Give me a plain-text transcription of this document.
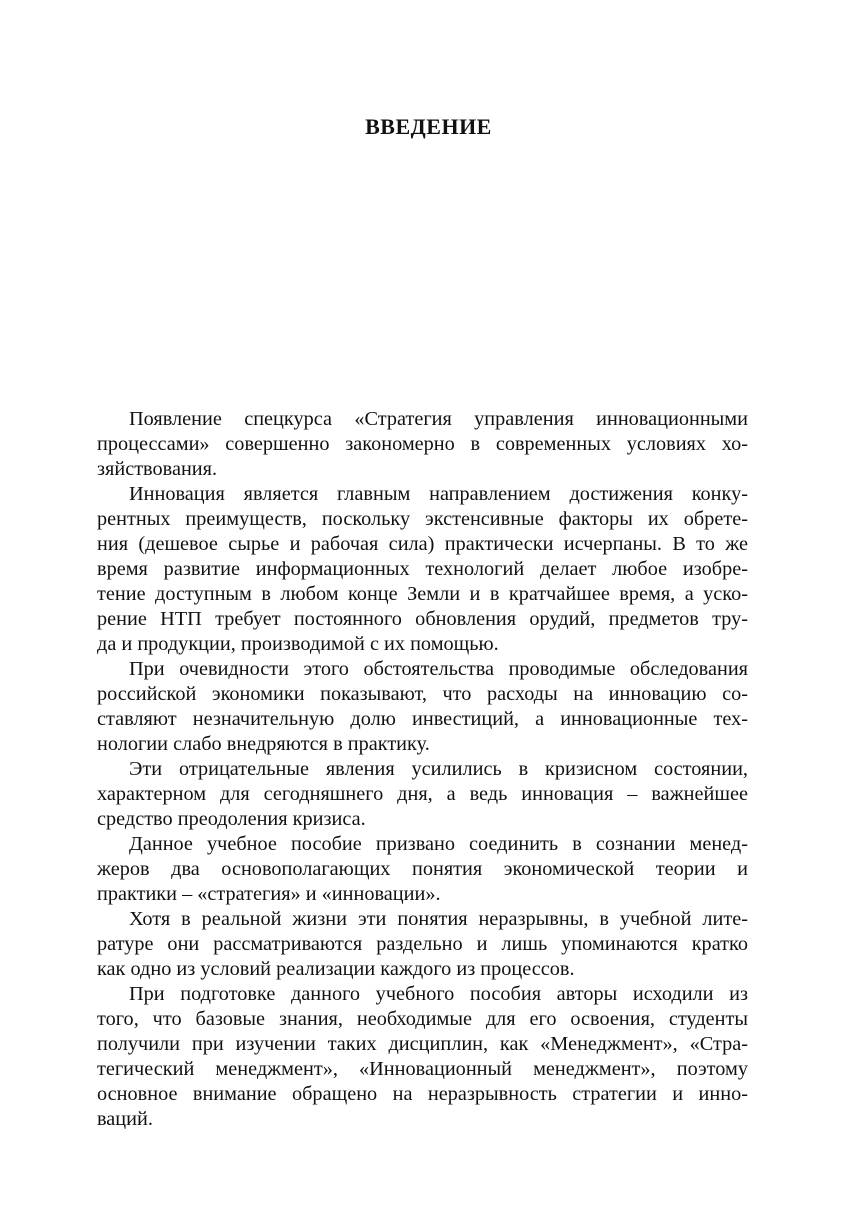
ВВЕДЕНИЕ
Появление спецкурса «Стратегия управления инновационными
процессами» совершенно закономерно в современных условиях хо-
зяйствования.
Инновация является главным направлением достижения конку-
рентных преимуществ, поскольку экстенсивные факторы их обрете-
ния (дешевое сырье и рабочая сила) практически исчерпаны. В то же
время развитие информационных технологий делает любое изобре-
тение доступным в любом конце Земли и в кратчайшее время, а уско-
рение НТП требует постоянного обновления орудий, предметов тру-
да и продукции, производимой с их помощью.
При очевидности этого обстоятельства проводимые обследования
российской экономики показывают, что расходы на инновацию со-
ставляют незначительную долю инвестиций, а инновационные тех-
нологии слабо внедряются в практику.
Эти отрицательные явления усилились в кризисном состоянии,
характерном для сегодняшнего дня, а ведь инновация – важнейшее
средство преодоления кризиса.
Данное учебное пособие призвано соединить в сознании менед-
жеров два основополагающих понятия экономической теории и
практики – «стратегия» и «инновации».
Хотя в реальной жизни эти понятия неразрывны, в учебной лите-
ратуре они рассматриваются раздельно и лишь упоминаются кратко
как одно из условий реализации каждого из процессов.
При подготовке данного учебного пособия авторы исходили из
того, что базовые знания, необходимые для его освоения, студенты
получили при изучении таких дисциплин, как «Менеджмент», «Стра-
тегический менеджмент», «Инновационный менеджмент», поэтому
основное внимание обращено на неразрывность стратегии и инно-
ваций.
